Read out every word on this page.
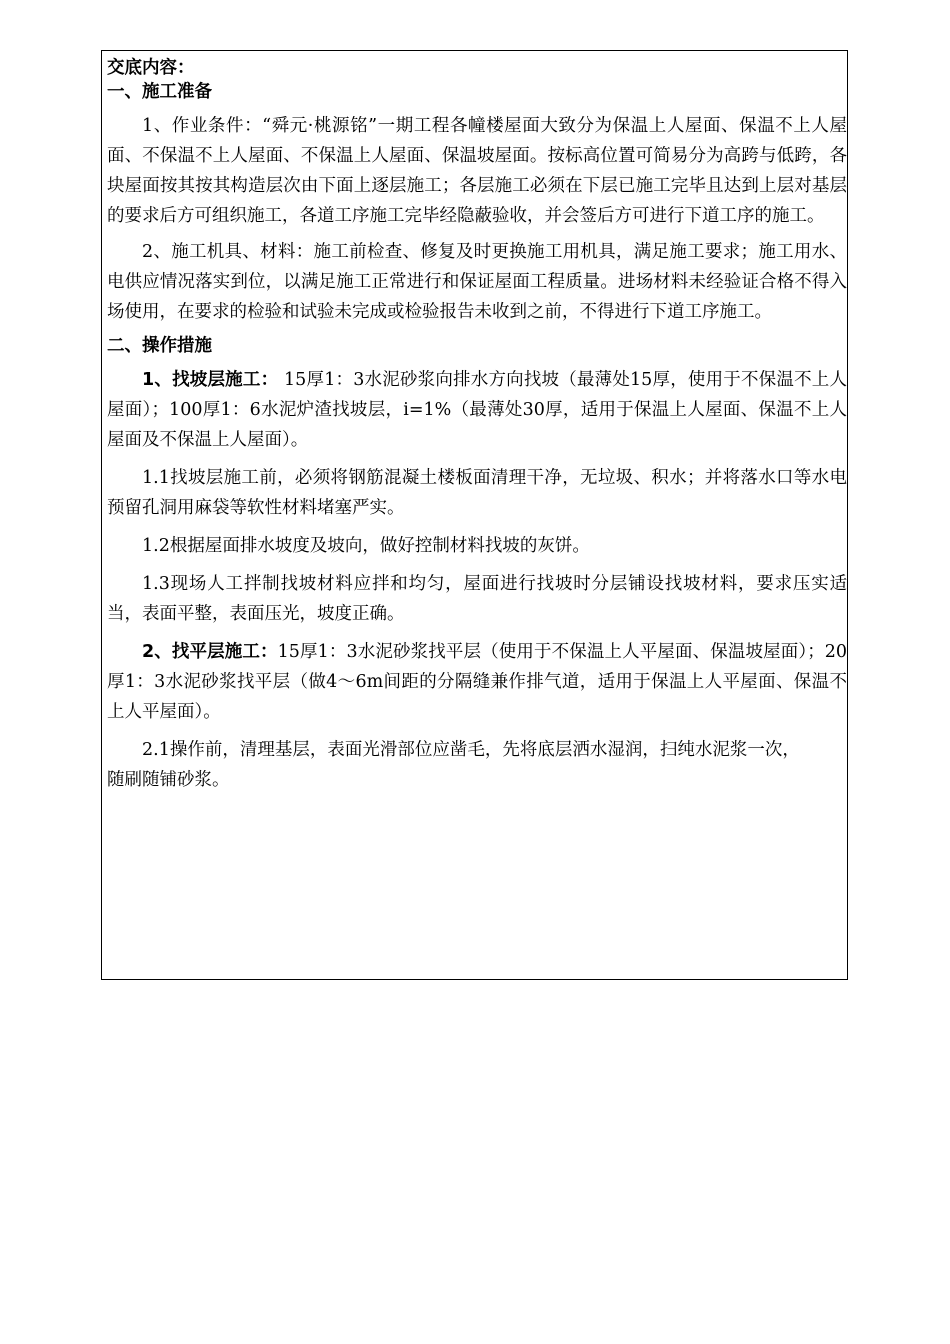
交底内容：

一、施工准备

1、作业条件：“舜元·桃源铭”一期工程各幢楼屋面大致分为保温上人屋面、保温不上人屋面、不保温不上人屋面、不保温上人屋面、保温坡屋面。按标高位置可简易分为高跨与低跨，各块屋面按其按其构造层次由下面上逐层施工；各层施工必须在下层已施工完毕且达到上层对基层的要求后方可组织施工，各道工序施工完毕经隐蔽验收，并会签后方可进行下道工序的施工。

2、施工机具、材料：施工前检查、修复及时更换施工用机具，满足施工要求；施工用水、电供应情况落实到位，以满足施工正常进行和保证屋面工程质量。进场材料未经验证合格不得入场使用，在要求的检验和试验未完成或检验报告未收到之前，不得进行下道工序施工。

二、操作措施

1、找坡层施工： 15厚1：3水泥砂浆向排水方向找坡（最薄处15厚，使用于不保温不上人屋面）；100厚1：6水泥炉渣找坡层，i=1%（最薄处30厚，适用于保温上人屋面、保温不上人屋面及不保温上人屋面）。

1.1找坡层施工前，必须将钢筋混凝土楼板面清理干净，无垃圾、积水；并将落水口等水电预留孔洞用麻袋等软性材料堵塞严实。

1.2根据屋面排水坡度及坡向，做好控制材料找坡的灰饼。

1.3现场人工拌制找坡材料应拌和均匀，屋面进行找坡时分层铺设找坡材料，要求压实适当，表面平整，表面压光，坡度正确。

2、找平层施工：15厚1：3水泥砂浆找平层（使用于不保温上人平屋面、保温坡屋面）；20厚1：3水泥砂浆找平层（做4～6m间距的分隔缝兼作排气道，适用于保温上人平屋面、保温不上人平屋面）。

2.1操作前，清理基层，表面光滑部位应凿毛，先将底层洒水湿润，扫纯水泥浆一次，

随刷随铺砂浆。
